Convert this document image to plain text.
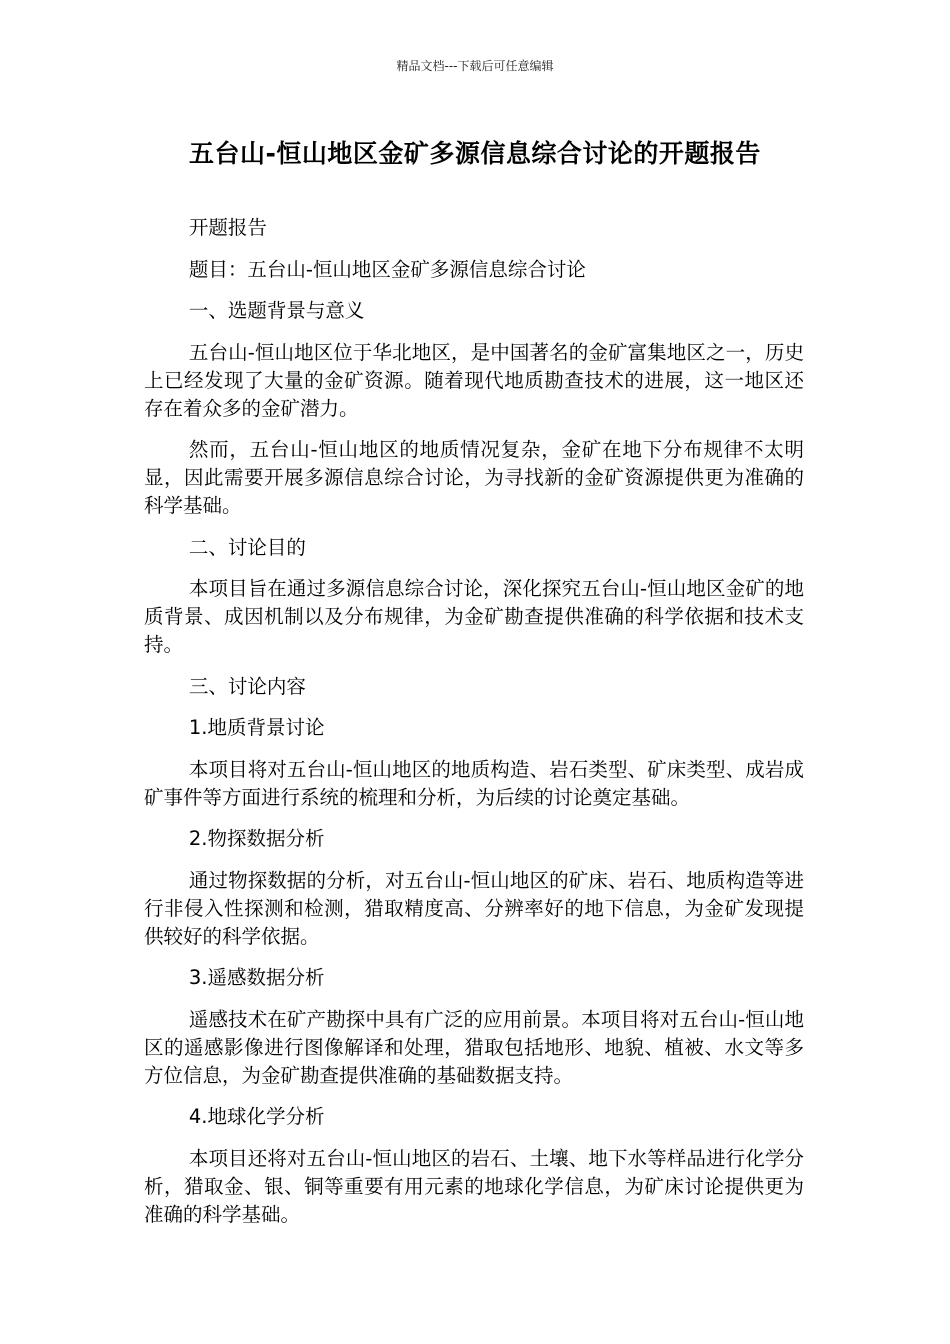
精品文档---下载后可任意编辑
五台山-恒山地区金矿多源信息综合讨论的开题报告

开题报告

题目：五台山-恒山地区金矿多源信息综合讨论

一、选题背景与意义

五台山-恒山地区位于华北地区，是中国著名的金矿富集地区之一，历史上已经发现了大量的金矿资源。随着现代地质勘查技术的进展，这一地区还存在着众多的金矿潜力。

然而，五台山-恒山地区的地质情况复杂，金矿在地下分布规律不太明显，因此需要开展多源信息综合讨论，为寻找新的金矿资源提供更为准确的科学基础。

二、讨论目的

本项目旨在通过多源信息综合讨论，深化探究五台山-恒山地区金矿的地质背景、成因机制以及分布规律，为金矿勘查提供准确的科学依据和技术支持。

三、讨论内容

1.地质背景讨论

本项目将对五台山-恒山地区的地质构造、岩石类型、矿床类型、成岩成矿事件等方面进行系统的梳理和分析，为后续的讨论奠定基础。

2.物探数据分析

通过物探数据的分析，对五台山-恒山地区的矿床、岩石、地质构造等进行非侵入性探测和检测，猎取精度高、分辨率好的地下信息，为金矿发现提供较好的科学依据。

3.遥感数据分析

遥感技术在矿产勘探中具有广泛的应用前景。本项目将对五台山-恒山地区的遥感影像进行图像解译和处理，猎取包括地形、地貌、植被、水文等多方位信息，为金矿勘查提供准确的基础数据支持。

4.地球化学分析

本项目还将对五台山-恒山地区的岩石、土壤、地下水等样品进行化学分析，猎取金、银、铜等重要有用元素的地球化学信息，为矿床讨论提供更为准确的科学基础。
